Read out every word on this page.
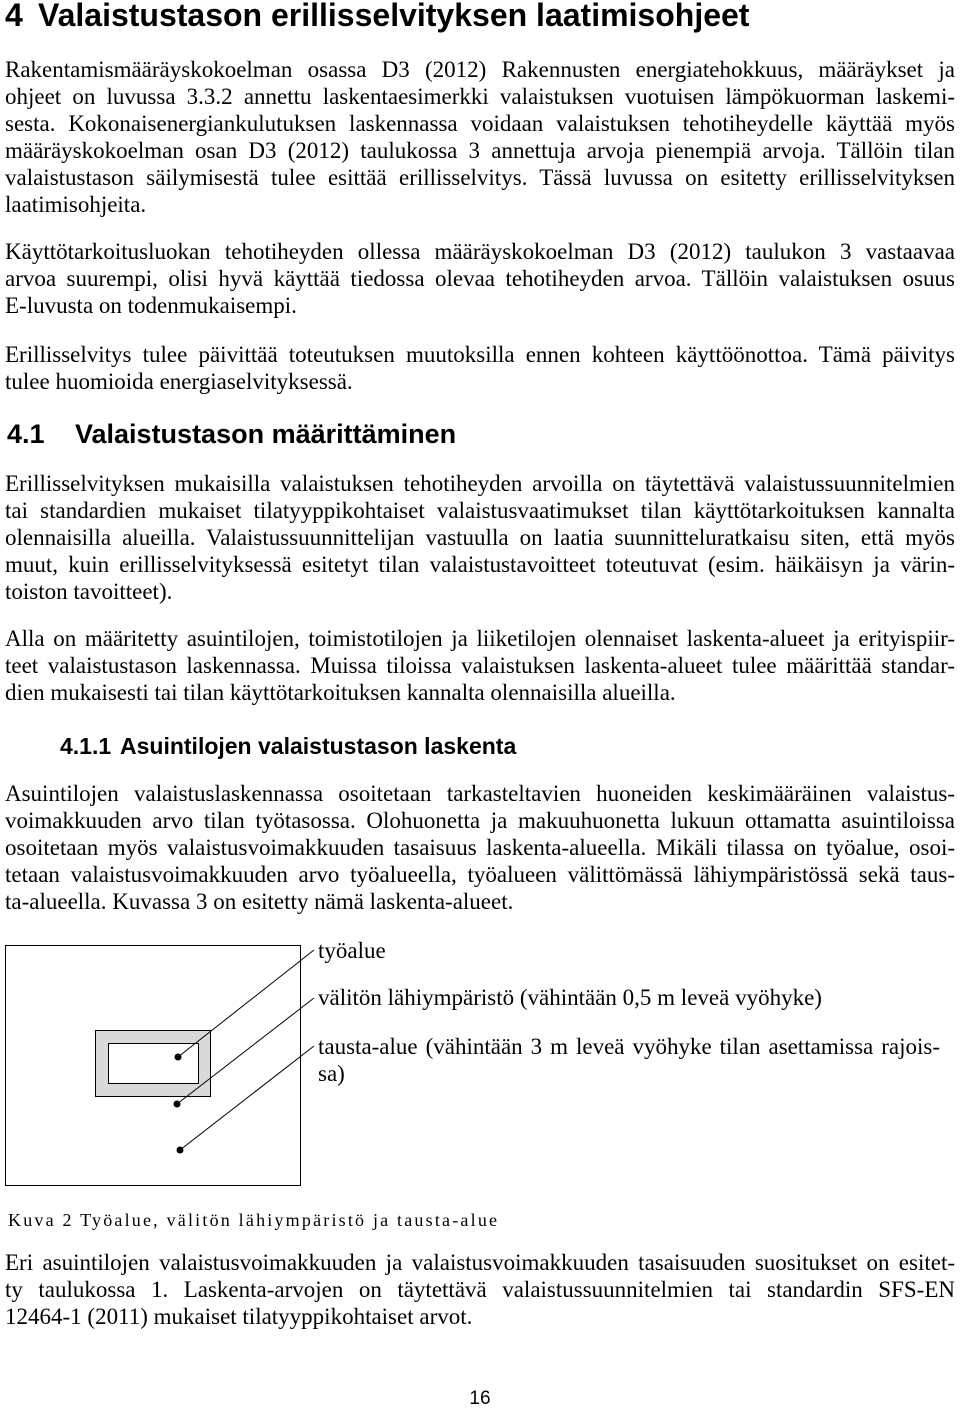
4 Valaistustason erillisselvityksen laatimisohjeet
Rakentamismääräyskokoelman osassa D3 (2012) Rakennusten energiatehokkuus, määräykset ja
ohjeet on luvussa 3.3.2 annettu laskentaesimerkki valaistuksen vuotuisen lämpökuorman laskemi-
sesta. Kokonaisenergiankulutuksen laskennassa voidaan valaistuksen tehotiheydelle käyttää myös
määräyskokoelman osan D3 (2012) taulukossa 3 annettuja arvoja pienempiä arvoja. Tällöin tilan
valaistustason säilymisestä tulee esittää erillisselvitys. Tässä luvussa on esitetty erillisselvityksen
laatimisohjeita.
Käyttötarkoitusluokan tehotiheyden ollessa määräyskokoelman D3 (2012) taulukon 3 vastaavaa
arvoa suurempi, olisi hyvä käyttää tiedossa olevaa tehotiheyden arvoa. Tällöin valaistuksen osuus
E-luvusta on todenmukaisempi.
Erillisselvitys tulee päivittää toteutuksen muutoksilla ennen kohteen käyttöönottoa. Tämä päivitys
tulee huomioida energiaselvityksessä.
4.1 Valaistustason määrittäminen
Erillisselvityksen mukaisilla valaistuksen tehotiheyden arvoilla on täytettävä valaistussuunnitelmien
tai standardien mukaiset tilatyyppikohtaiset valaistusvaatimukset tilan käyttötarkoituksen kannalta
olennaisilla alueilla. Valaistussuunnittelijan vastuulla on laatia suunnitteluratkaisu siten, että myös
muut, kuin erillisselvityksessä esitetyt tilan valaistustavoitteet toteutuvat (esim. häikäisyn ja värin-
toiston tavoitteet).
Alla on määritetty asuintilojen, toimistotilojen ja liiketilojen olennaiset laskenta-alueet ja erityispiir-
teet valaistustason laskennassa. Muissa tiloissa valaistuksen laskenta-alueet tulee määrittää standar-
dien mukaisesti tai tilan käyttötarkoituksen kannalta olennaisilla alueilla.
4.1.1 Asuintilojen valaistustason laskenta
Asuintilojen valaistuslaskennassa osoitetaan tarkasteltavien huoneiden keskimääräinen valaistus-
voimakkuuden arvo tilan työtasossa. Olohuonetta ja makuuhuonetta lukuun ottamatta asuintiloissa
osoitetaan myös valaistusvoimakkuuden tasaisuus laskenta-alueella. Mikäli tilassa on työalue, osoi-
tetaan valaistusvoimakkuuden arvo työalueella, työalueen välittömässä lähiympäristössä sekä taus-
ta-alueella. Kuvassa 3 on esitetty nämä laskenta-alueet.
työalue
välitön lähiympäristö (vähintään 0,5 m leveä vyöhyke)
tausta-alue (vähintään 3 m leveä vyöhyke tilan asettamissa rajois-
sa)
Kuva 2 Työalue, välitön lähiympäristö ja tausta-alue
Eri asuintilojen valaistusvoimakkuuden ja valaistusvoimakkuuden tasaisuuden suositukset on esitet-
ty taulukossa 1. Laskenta-arvojen on täytettävä valaistussuunnitelmien tai standardin SFS-EN
12464-1 (2011) mukaiset tilatyyppikohtaiset arvot.
16
